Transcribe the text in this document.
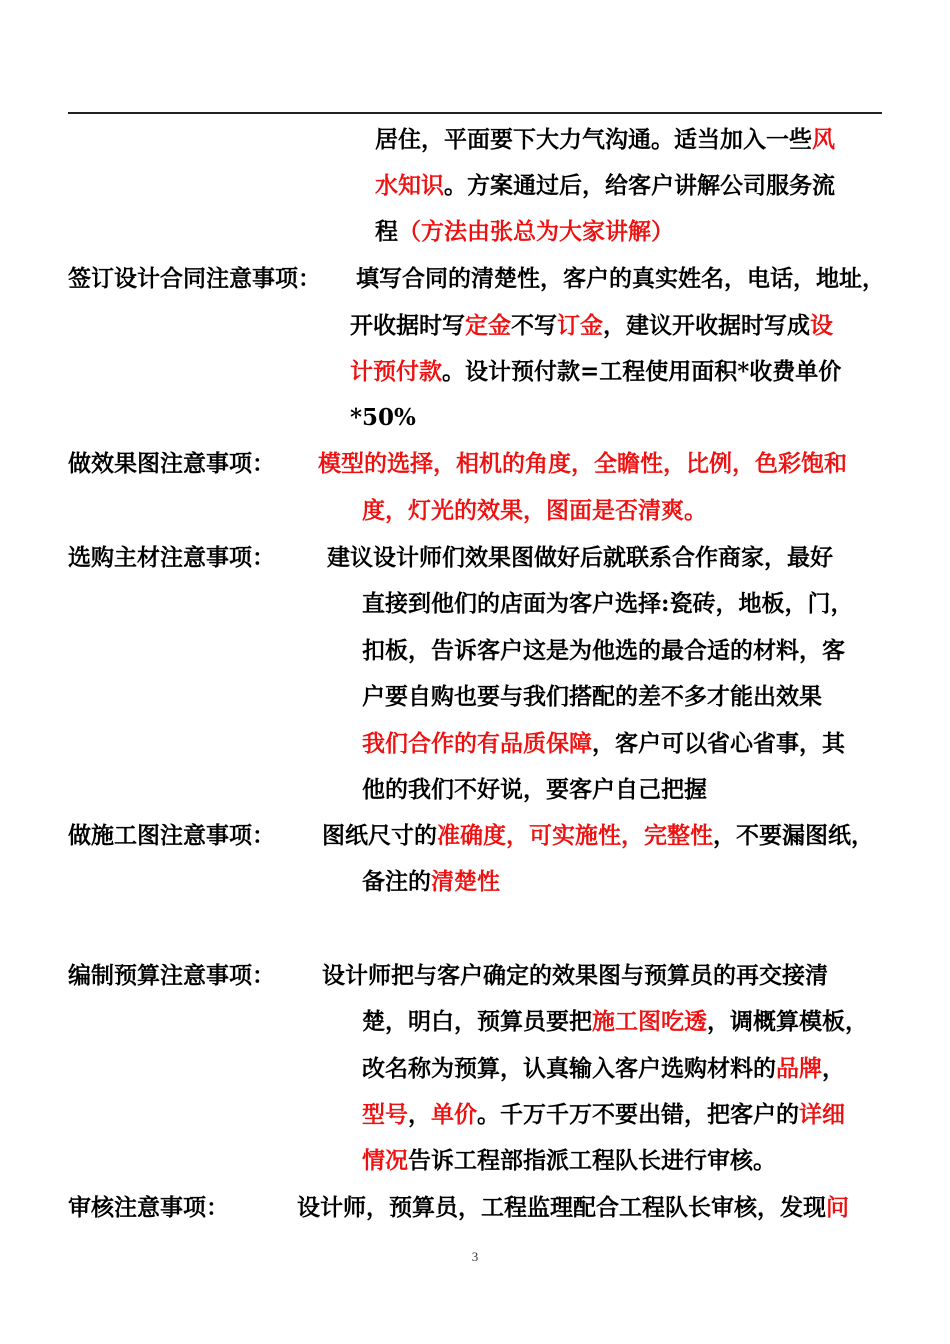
居住，平面要下大力气沟通。适当加入一些风
水知识。方案通过后，给客户讲解公司服务流
程（方法由张总为大家讲解）
签订设计合同注意事项： 填写合同的清楚性，客户的真实姓名，电话，地址，
开收据时写定金不写订金，建议开收据时写成设
计预付款。设计预付款=工程使用面积*收费单价
*50%
做效果图注意事项： 模型的选择，相机的角度，全瞻性，比例，色彩饱和
度，灯光的效果，图面是否清爽。
选购主材注意事项： 建议设计师们效果图做好后就联系合作商家，最好
直接到他们的店面为客户选择:瓷砖，地板，门，
扣板，告诉客户这是为他选的最合适的材料，客
户要自购也要与我们搭配的差不多才能出效果
我们合作的有品质保障，客户可以省心省事，其
他的我们不好说，要客户自己把握
做施工图注意事项： 图纸尺寸的准确度，可实施性，完整性，不要漏图纸，
备注的清楚性
编制预算注意事项： 设计师把与客户确定的效果图与预算员的再交接清
楚，明白，预算员要把施工图吃透，调概算模板，
改名称为预算，认真输入客户选购材料的品牌，
型号，单价。千万千万不要出错，把客户的详细
情况告诉工程部指派工程队长进行审核。
审核注意事项：	设计师，预算员，工程监理配合工程队长审核，发现问
3
